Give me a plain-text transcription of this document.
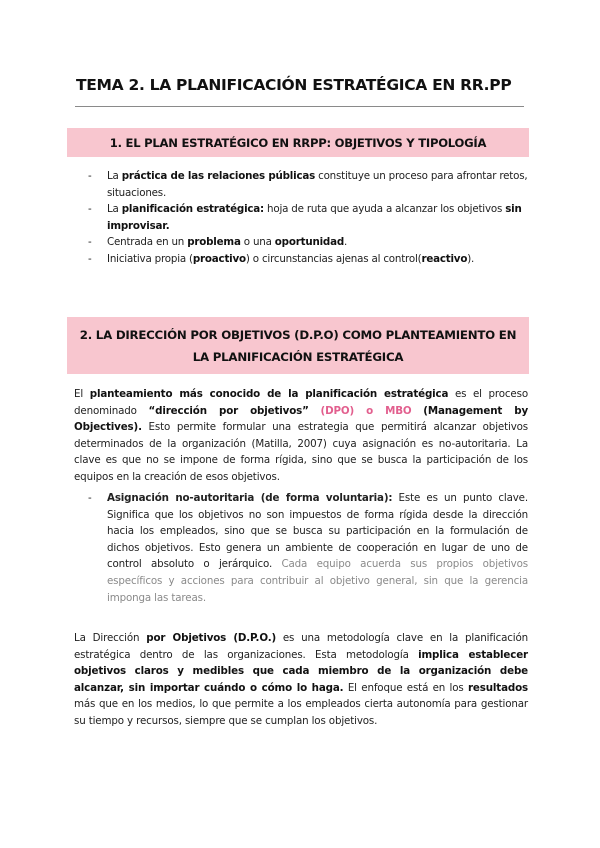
TEMA 2. LA PLANIFICACIÓN ESTRATÉGICA EN RR.PP
1. EL PLAN ESTRATÉGICO EN RRPP: OBJETIVOS Y TIPOLOGÍA
- La práctica de las relaciones públicas constituye un proceso para afrontar retos, situaciones.
- La planificación estratégica: hoja de ruta que ayuda a alcanzar los objetivos sin improvisar.
- Centrada en un problema o una oportunidad.
- Iniciativa propia (proactivo) o circunstancias ajenas al control(reactivo).
2. LA DIRECCIÓN POR OBJETIVOS (D.P.O) COMO PLANTEAMIENTO EN
LA PLANIFICACIÓN ESTRATÉGICA

El planteamiento más conocido de la planificación estratégica es el proceso denominado “dirección por objetivos” (DPO) o MBO (Management by Objectives). Esto permite formular una estrategia que permitirá alcanzar objetivos determinados de la organización (Matilla, 2007) cuya asignación es no-autoritaria. La clave es que no se impone de forma rígida, sino que se busca la participación de los equipos en la creación de esos objetivos.

- Asignación no-autoritaria (de forma voluntaria): Este es un punto clave. Significa que los objetivos no son impuestos de forma rígida desde la dirección hacia los empleados, sino que se busca su participación en la formulación de dichos objetivos. Esto genera un ambiente de cooperación en lugar de uno de control absoluto o jerárquico. Cada equipo acuerda sus propios objetivos específicos y acciones para contribuir al objetivo general, sin que la gerencia imponga las tareas.

La Dirección por Objetivos (D.P.O.) es una metodología clave en la planificación estratégica dentro de las organizaciones. Esta metodología implica establecer objetivos claros y medibles que cada miembro de la organización debe alcanzar, sin importar cuándo o cómo lo haga. El enfoque está en los resultados más que en los medios, lo que permite a los empleados cierta autonomía para gestionar su tiempo y recursos, siempre que se cumplan los objetivos.
